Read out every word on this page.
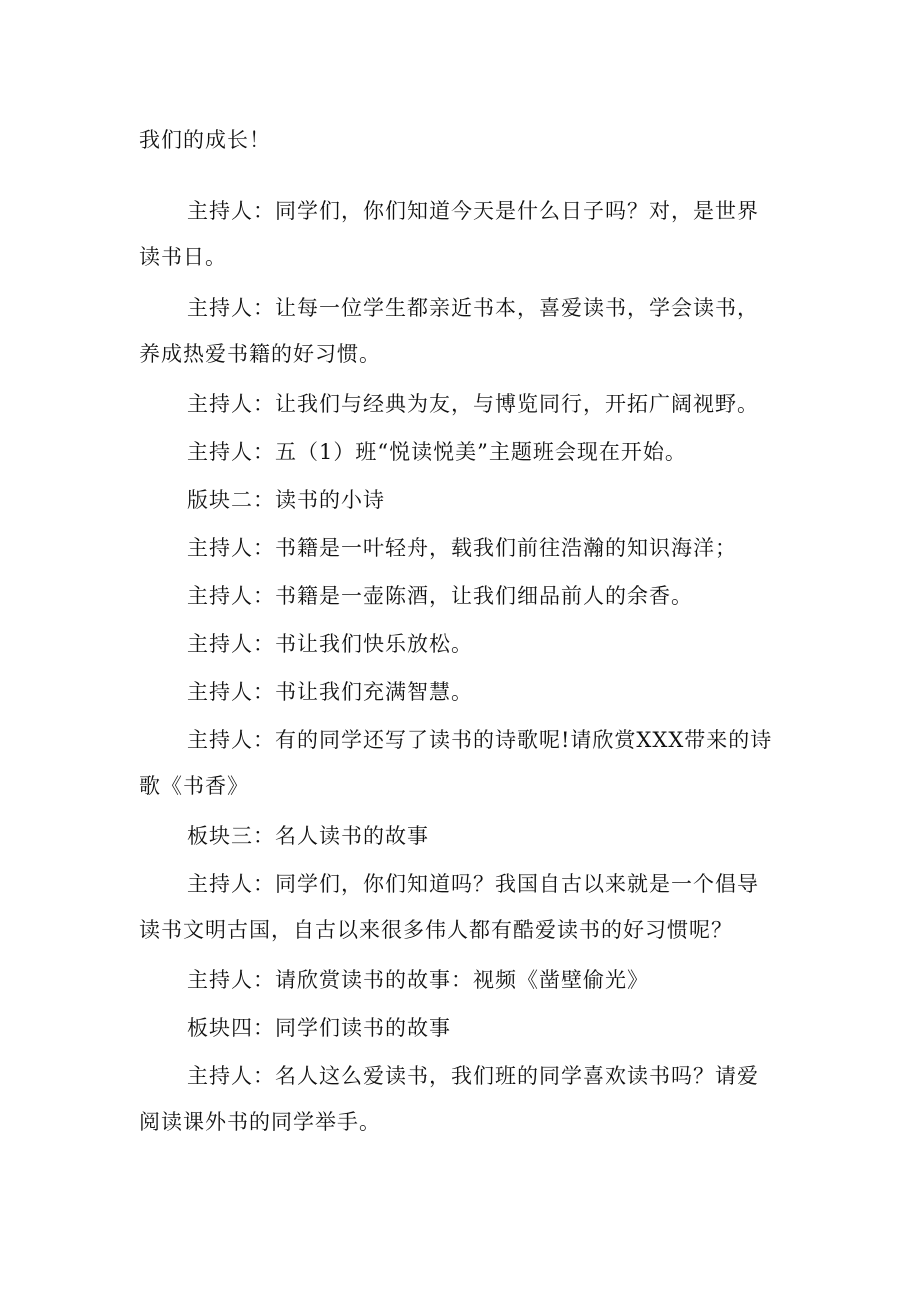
我们的成长！

主持人：同学们，你们知道今天是什么日子吗？对，是世界
读书日。

主持人：让每一位学生都亲近书本，喜爱读书，学会读书，
养成热爱书籍的好习惯。

主持人：让我们与经典为友，与博览同行，开拓广阔视野。

主持人：五（1）班“悦读悦美”主题班会现在开始。

版块二：读书的小诗

主持人：书籍是一叶轻舟，载我们前往浩瀚的知识海洋；

主持人：书籍是一壶陈酒，让我们细品前人的余香。

主持人：书让我们快乐放松。

主持人：书让我们充满智慧。

主持人：有的同学还写了读书的诗歌呢!请欣赏XXX带来的诗
歌《书香》

板块三：名人读书的故事

主持人：同学们，你们知道吗？我国自古以来就是一个倡导
读书文明古国，自古以来很多伟人都有酷爱读书的好习惯呢？

主持人：请欣赏读书的故事：视频《凿壁偷光》

板块四：同学们读书的故事

主持人：名人这么爱读书，我们班的同学喜欢读书吗？请爱
阅读课外书的同学举手。
